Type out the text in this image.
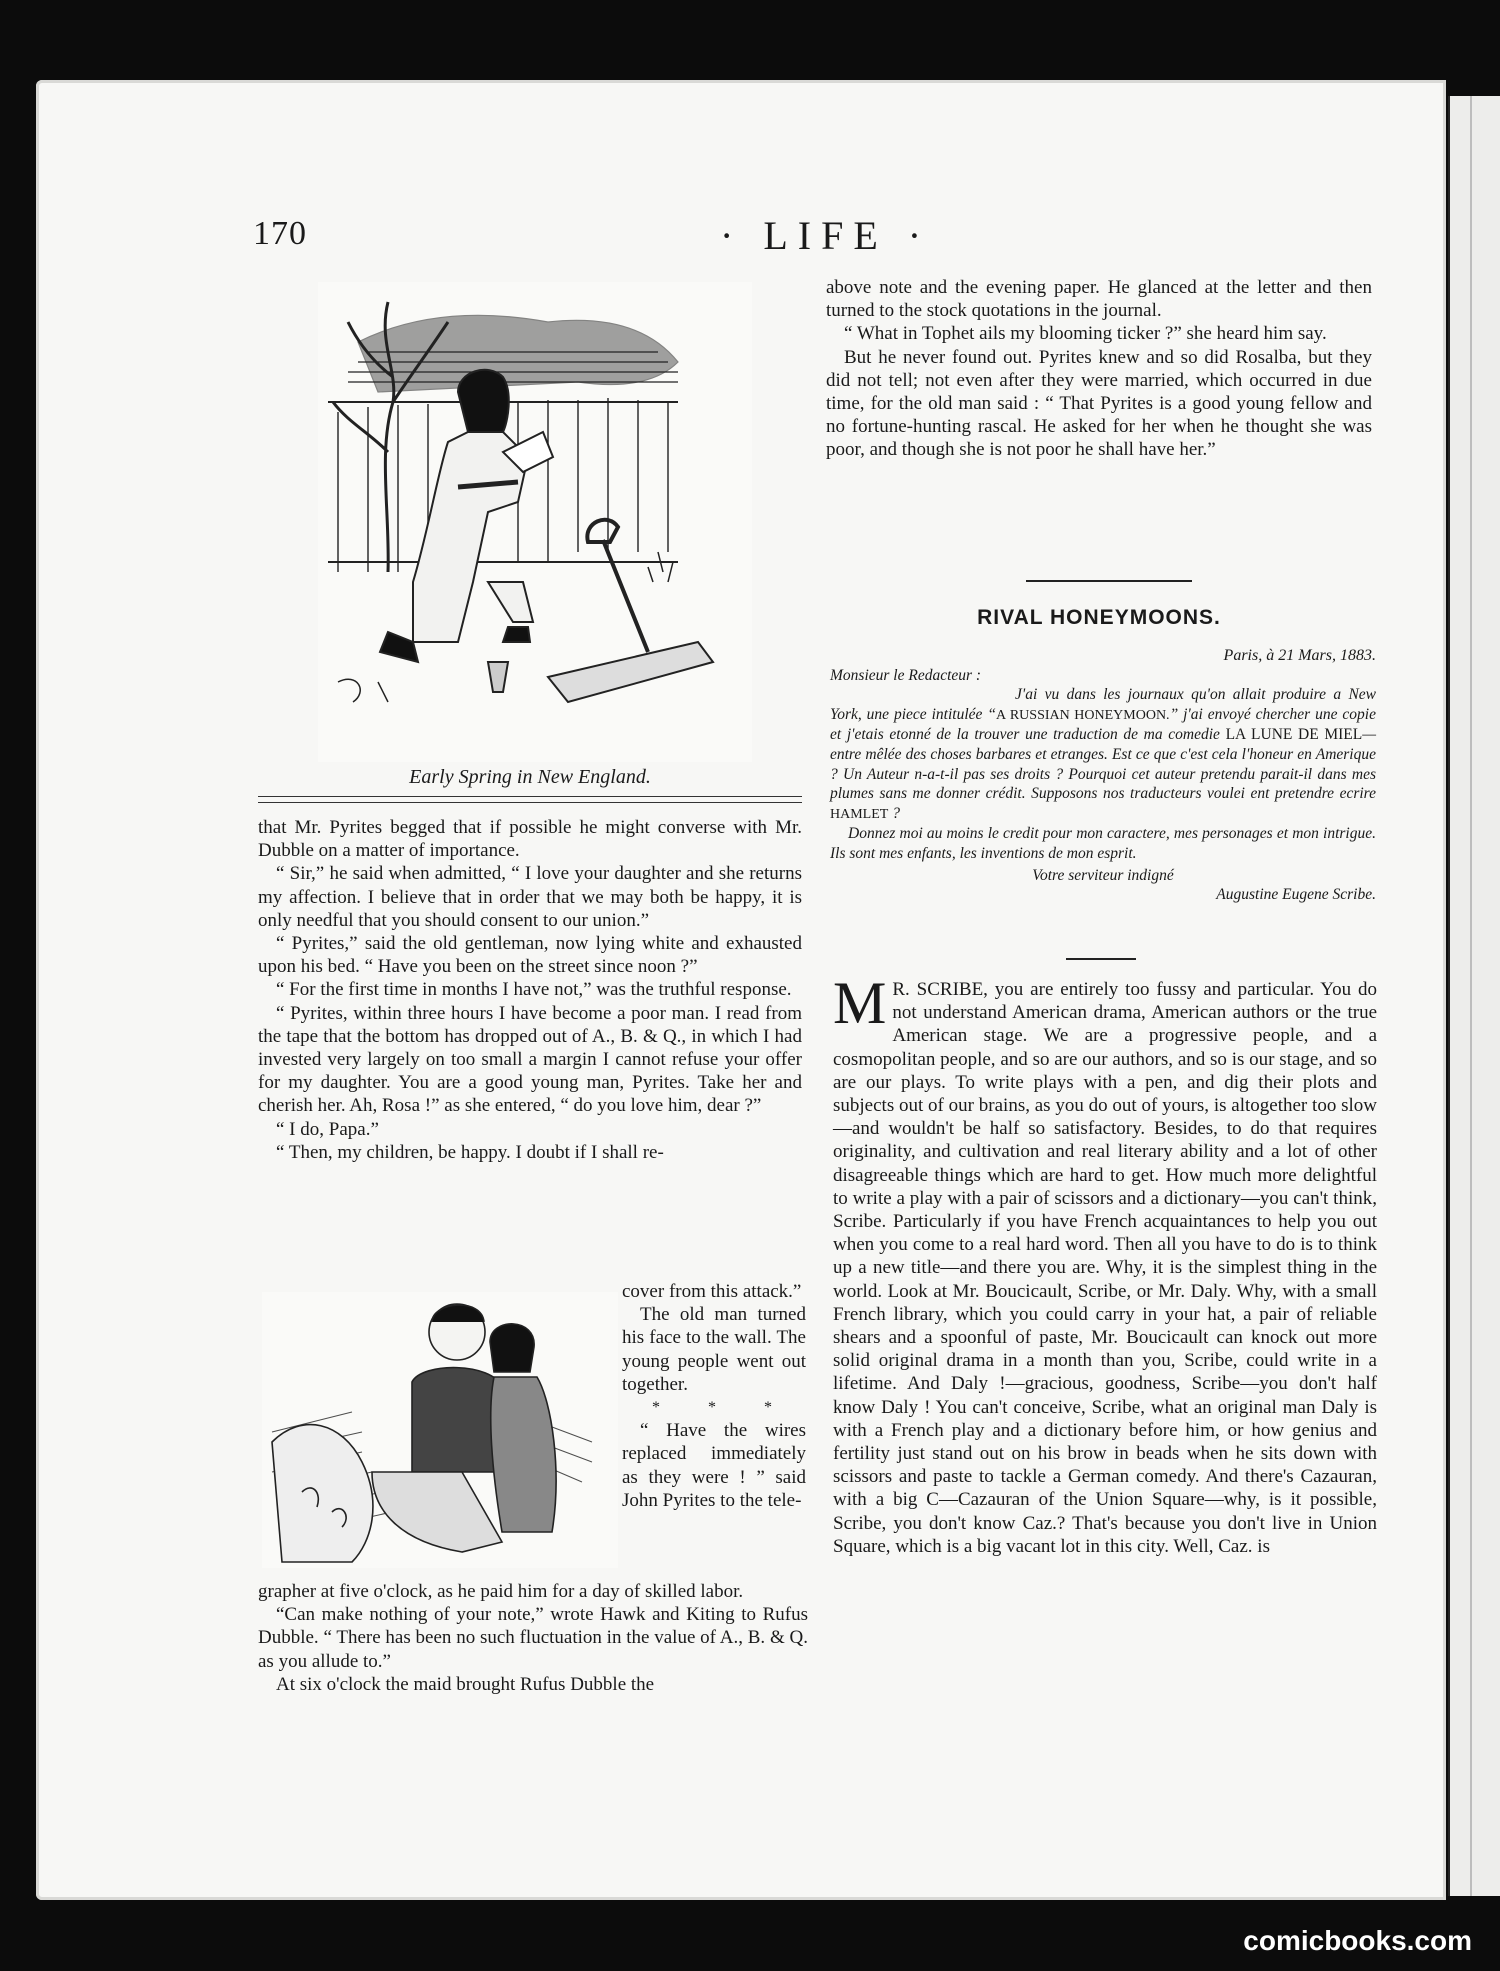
170	· LIFE ·
Early Spring in New England.

that Mr. Pyrites begged that if possible he might converse with Mr. Dubble on a matter of importance.

“ Sir,” he said when admitted, “ I love your daughter and she returns my affection. I believe that in order that we may both be happy, it is only needful that you should consent to our union.”

“ Pyrites,” said the old gentleman, now lying white and exhausted upon his bed. “ Have you been on the street since noon ?”

“ For the first time in months I have not,” was the truthful response.

“ Pyrites, within three hours I have become a poor man. I read from the tape that the bottom has dropped out of A., B. & Q., in which I had invested very largely on too small a margin I cannot refuse your offer for my daughter. You are a good young man, Pyrites. Take her and cherish her. Ah, Rosa !” as she entered, “ do you love him, dear ?”

“ I do, Papa.”

“ Then, my children, be happy. I doubt if I shall re-

cover from this attack.”

The old man turned his face to the wall. The young people went out together.

* * *

“ Have the wires replaced immediately as they were ! ” said John Pyrites to the tele-

grapher at five o'clock, as he paid him for a day of skilled labor.

“Can make nothing of your note,” wrote Hawk and Kiting to Rufus Dubble. “ There has been no such fluctuation in the value of A., B. & Q. as you allude to.”

At six o'clock the maid brought Rufus Dubble the

above note and the evening paper. He glanced at the letter and then turned to the stock quotations in the journal.

“ What in Tophet ails my blooming ticker ?” she heard him say.

But he never found out. Pyrites knew and so did Rosalba, but they did not tell; not even after they were married, which occurred in due time, for the old man said : “ That Pyrites is a good young fellow and no fortune-hunting rascal. He asked for her when he thought she was poor, and though she is not poor he shall have her.”

RIVAL HONEYMOONS.
Paris, à 21 Mars, 1883.

Monsieur le Redacteur :

J'ai vu dans les journaux qu'on allait produire a New York, une piece intitulée “A RUSSIAN HONEYMOON.” j'ai envoyé chercher une copie et j'etais etonné de la trouver une traduction de ma comedie LA LUNE DE MIEL—entre mêlée des choses barbares et etranges. Est ce que c'est cela l'honeur en Amerique ? Un Auteur n-a-t-il pas ses droits ? Pourquoi cet auteur pretendu parait-il dans mes plumes sans me donner crédit. Supposons nos traducteurs voulei ent pretendre ecrire HAMLET ?

Donnez moi au moins le credit pour mon caractere, mes personages et mon intrigue. Ils sont mes enfants, les inventions de mon esprit.

Votre serviteur indigné
Augustine Eugene Scribe.

M R. SCRIBE, you are entirely too fussy and particular. You do not understand American drama, American authors or the true American stage. We are a progressive people, and a cosmopolitan people, and so are our authors, and so is our stage, and so are our plays. To write plays with a pen, and dig their plots and subjects out of our brains, as you do out of yours, is altogether too slow—and wouldn't be half so satisfactory. Besides, to do that requires originality, and cultivation and real literary ability and a lot of other disagreeable things which are hard to get. How much more delightful to write a play with a pair of scissors and a dictionary—you can't think, Scribe. Particularly if you have French acquaintances to help you out when you come to a real hard word. Then all you have to do is to think up a new title—and there you are. Why, it is the simplest thing in the world. Look at Mr. Boucicault, Scribe, or Mr. Daly. Why, with a small French library, which you could carry in your hat, a pair of reliable shears and a spoonful of paste, Mr. Boucicault can knock out more solid original drama in a month than you, Scribe, could write in a lifetime. And Daly !—gracious, goodness, Scribe—you don't half know Daly ! You can't conceive, Scribe, what an original man Daly is with a French play and a dictionary before him, or how genius and fertility just stand out on his brow in beads when he sits down with scissors and paste to tackle a German comedy. And there's Cazauran, with a big C—Cazauran of the Union Square—why, is it possible, Scribe, you don't know Caz.? That's because you don't live in Union Square, which is a big vacant lot in this city. Well, Caz. is

comicbooks.com
